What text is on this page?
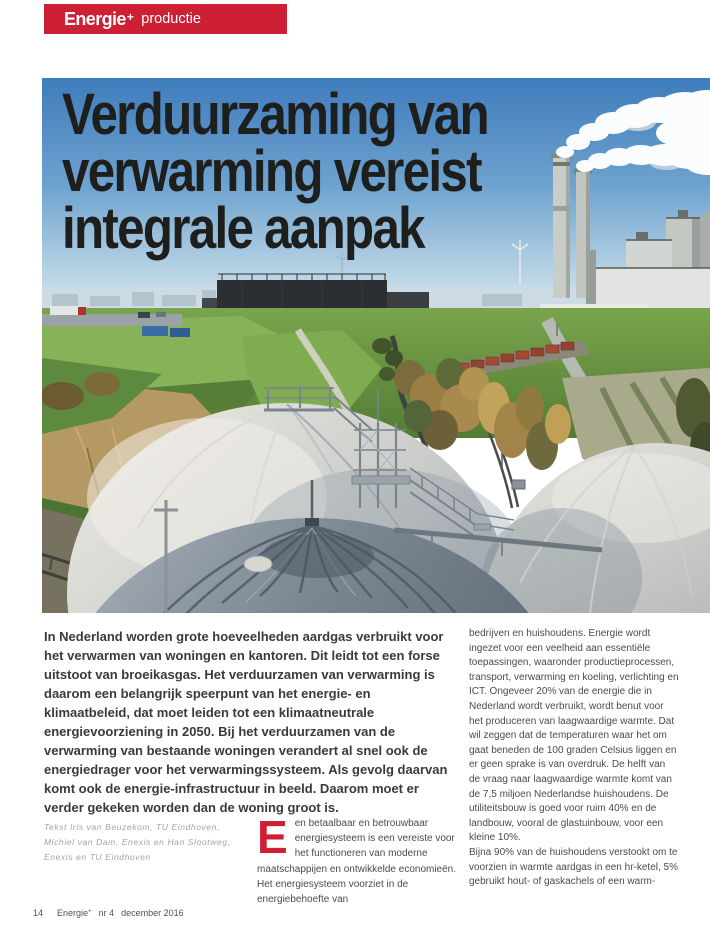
Energie+ productie
Verduurzaming van
verwarming vereist
integrale aanpak

In Nederland worden grote hoeveelheden aardgas verbruikt voor het verwarmen van woningen en kantoren. Dit leidt tot een forse uitstoot van broeikasgas. Het verduurzamen van verwarming is daarom een belangrijk speerpunt van het energie- en klimaatbeleid, dat moet leiden tot een klimaatneutrale energievoorziening in 2050. Bij het verduurzamen van de verwarming van bestaande woningen verandert al snel ook de energiedrager voor het verwarmingssysteem. Als gevolg daarvan komt ook de energie-infrastructuur in beeld. Daarom moet er verder gekeken worden dan de woning groot is.

Tekst Iris van Beuzekom, TU Eindhoven,
Michiel van Dam, Enexis en Han Slootweg,
Enexis en TU Eindhoven	Een betaalbaar en betrouwbaar energiesysteem is een vereiste voor het functioneren van moderne maatschappijen en ontwikkelde economieën. Het energiesysteem voorziet in de energiebehoefte van

bedrijven en huishoudens. Energie wordt ingezet voor een veelheid aan essentiële toepassingen, waaronder productieprocessen, transport, verwarming en koeling, verlichting en ICT. Ongeveer 20% van de energie die in Nederland wordt verbruikt, wordt benut voor het produceren van laagwaardige warmte. Dat wil zeggen dat de temperaturen waar het om gaat beneden de 100 graden Celsius liggen en er geen sprake is van overdruk. De helft van de vraag naar laagwaardige warmte komt van de 7,5 miljoen Nederlandse huishoudens. De utiliteitsbouw is goed voor ruim 40% en de landbouw, vooral de glastuinbouw, voor een kleine 10%.

Bijna 90% van de huishoudens verstookt om te voorzien in warmte aardgas in een hr-ketel, 5% gebruikt hout- of gaskachels of een warm-

14 Energie+ nr 4 december 2016
